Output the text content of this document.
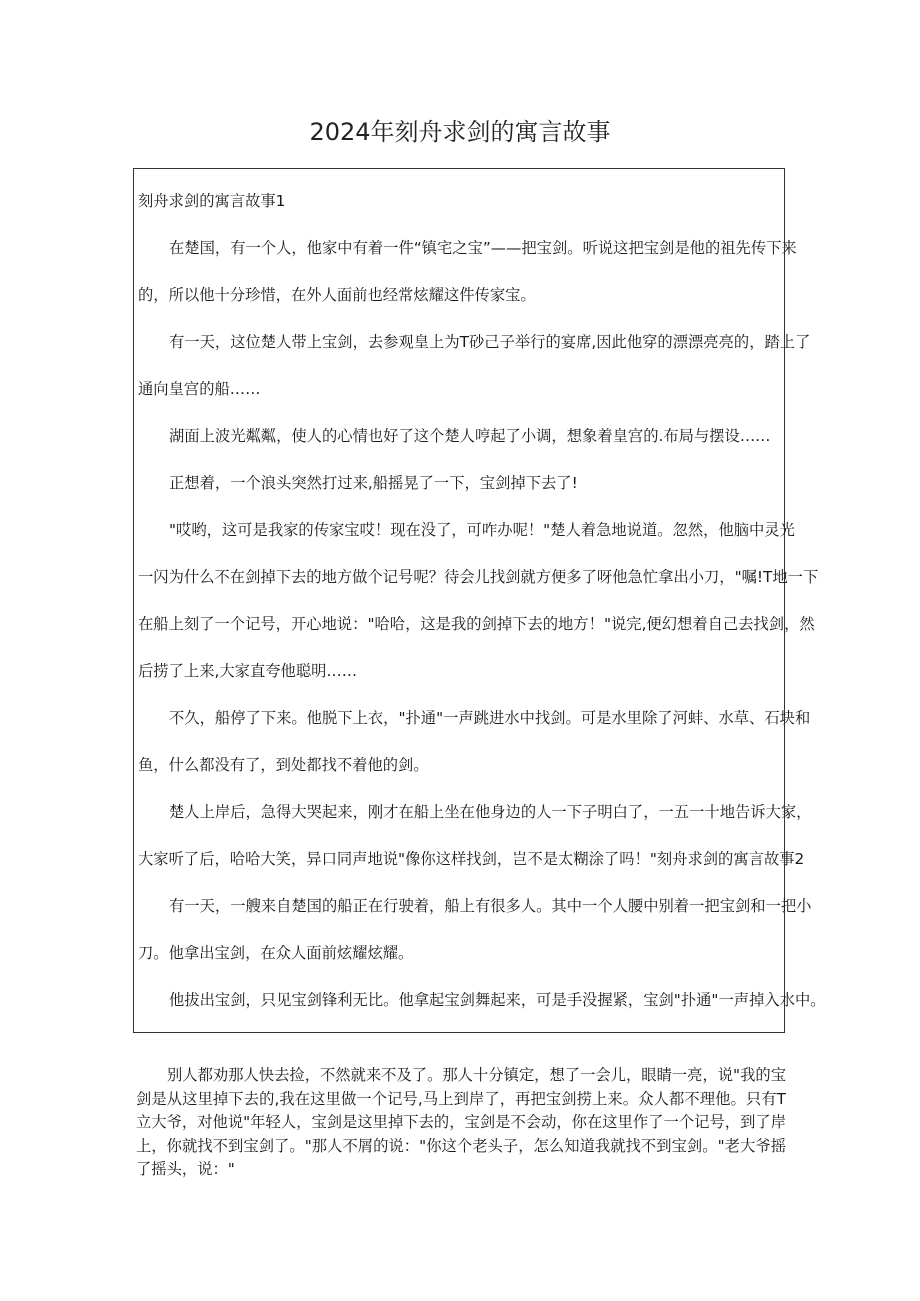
2024年刻舟求剑的寓言故事

刻舟求剑的寓言故事1

在楚国，有一个人，他家中有着一件“镇宅之宝”——把宝剑。听说这把宝剑是他的祖先传下来

的，所以他十分珍惜，在外人面前也经常炫耀这件传家宝。

有一天，这位楚人带上宝剑，去参观皇上为T砂己子举行的宴席,因此他穿的漂漂亮亮的，踏上了

通向皇宫的船……

湖面上波光粼粼，使人的心情也好了这个楚人哼起了小调，想象着皇宫的.布局与摆设……

正想着，一个浪头突然打过来,船摇晃了一下，宝剑掉下去了!

"哎哟，这可是我家的传家宝哎！现在没了，可咋办呢！"楚人着急地说道。忽然，他脑中灵光

一闪为什么不在剑掉下去的地方做个记号呢？待会儿找剑就方便多了呀他急忙拿出小刀，"嘱!T地一下

在船上刻了一个记号，开心地说："哈哈，这是我的剑掉下去的地方！"说完,便幻想着自己去找剑，然

后捞了上来,大家直夸他聪明……

不久，船停了下来。他脱下上衣，"扑通"一声跳进水中找剑。可是水里除了河蚌、水草、石块和

鱼，什么都没有了，到处都找不着他的剑。

楚人上岸后，急得大哭起来，刚才在船上坐在他身边的人一下子明白了，一五一十地告诉大家，

大家听了后，哈哈大笑，异口同声地说"像你这样找剑，岂不是太糊涂了吗！"刻舟求剑的寓言故事2

有一天，一艘来自楚国的船正在行驶着，船上有很多人。其中一个人腰中别着一把宝剑和一把小

刀。他拿出宝剑，在众人面前炫耀炫耀。

他拔出宝剑，只见宝剑锋利无比。他拿起宝剑舞起来，可是手没握紧，宝剑"扑通"一声掉入水中。

别人都劝那人快去捡，不然就来不及了。那人十分镇定，想了一会儿，眼睛一亮，说"我的宝剑是从这里掉下去的,我在这里做一个记号,马上到岸了，再把宝剑捞上来。众人都不理他。只有T立大爷，对他说"年轻人，宝剑是这里掉下去的，宝剑是不会动，你在这里作了一个记号，到了岸上，你就找不到宝剑了。"那人不屑的说："你这个老头子，怎么知道我就找不到宝剑。"老大爷摇了摇头，说："
